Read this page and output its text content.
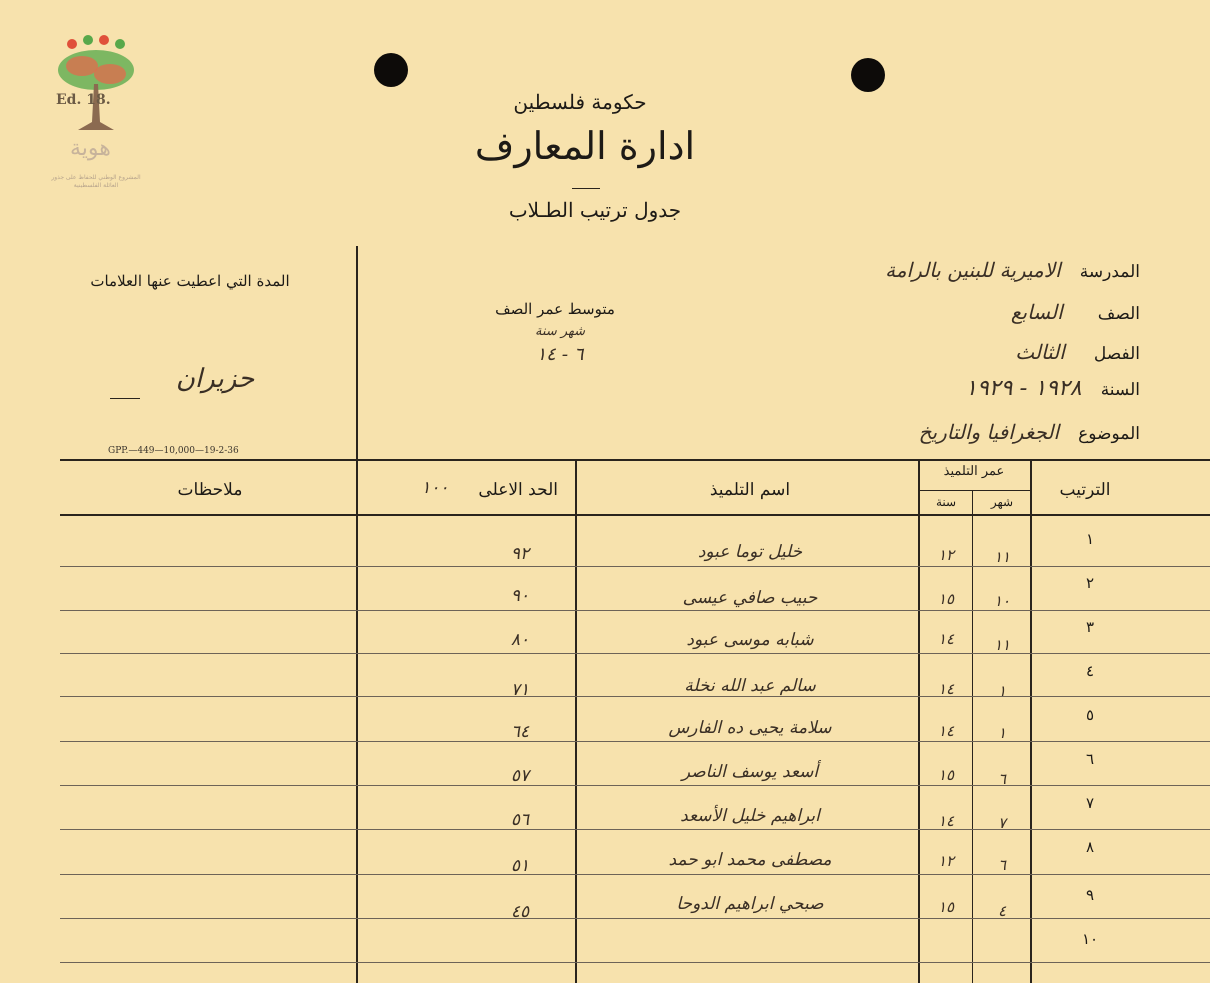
Ed. 18.
هوية
المشروع الوطني للحفاظ على جذور العائلة الفلسطينية
حكومة فلسطين
ادارة المعارف
جدول ترتيب الطـلاب
المدة التي اعطيت عنها العلامات
حزيران
GPP.—449—10,000—19-2-36
متوسط عمر الصف
شهر سنة
٦ - ١٤
المدرسة الاميرية للبنين بالرامة
الصف السابع
الفصل الثالث
السنة ١٩٢٨ - ١٩٢٩
الموضوع الجغرافيا والتاريخ
الترتيب
عمر التلميذ
شهر
سنة
اسم التلميذ
الحد الاعلى
١٠٠
ملاحظات
١
١١
١٢
خليل توما عبود
٩٢
٢
١٠
١٥
حبيب صافي عيسى
٩٠
٣
١١
١٤
شبابه موسى عبود
٨٠
٤
١
١٤
سالم عبد الله نخلة
٧١
٥
١
١٤
سلامة يحيى ده الفارس
٦٤
٦
٦
١٥
أسعد يوسف الناصر
٥٧
٧
٧
١٤
ابراهيم خليل الأسعد
٥٦
٨
٦
١٢
مصطفى محمد ابو حمد
٥١
٩
٤
١٥
صبحي ابراهيم الدوحا
٤٥
١٠
